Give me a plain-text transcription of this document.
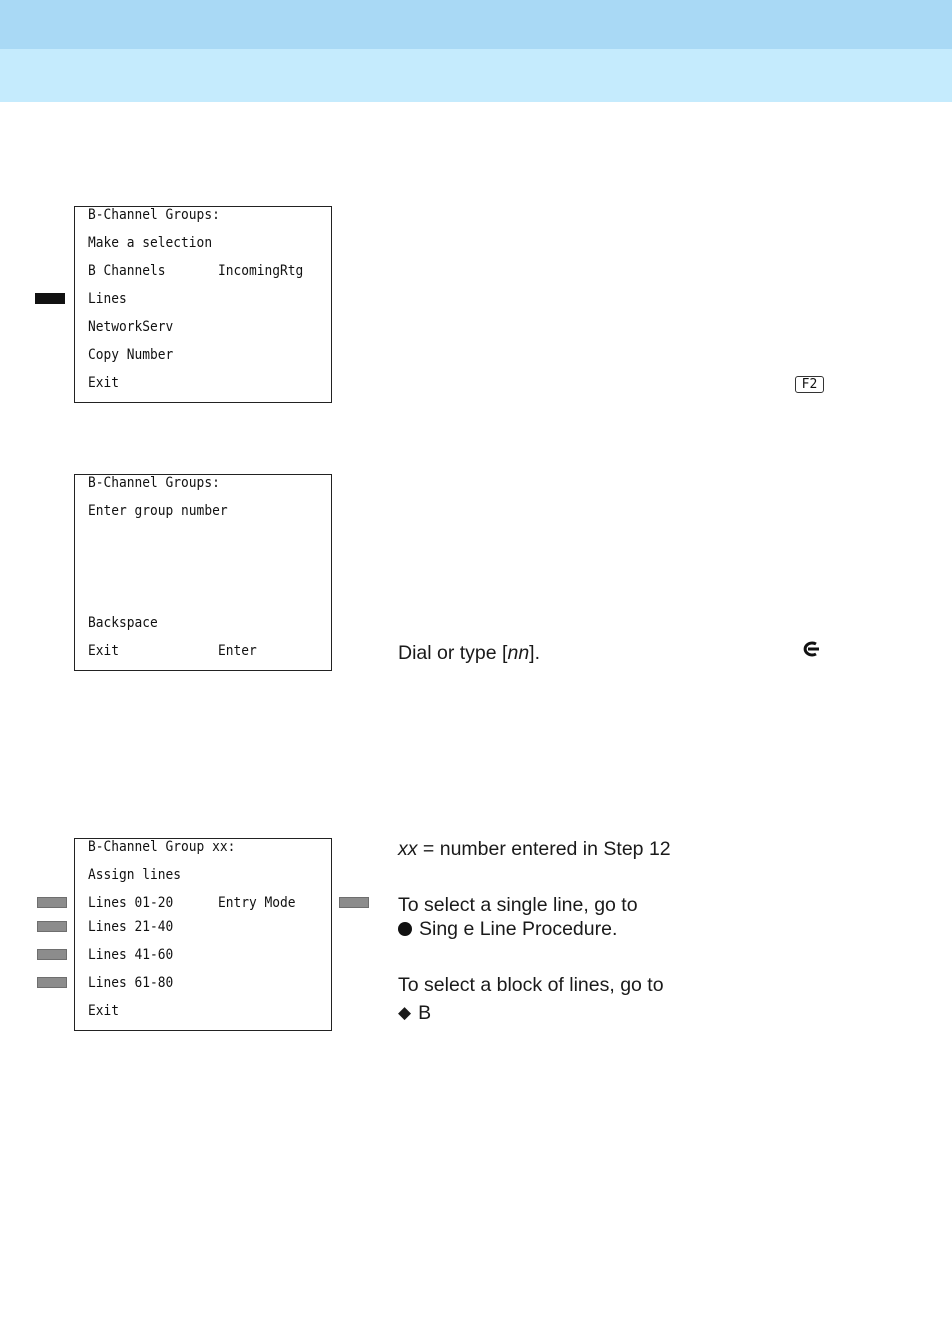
B-Channel Groups:
Make a selection
B Channels	IncomingRtg
Lines
NetworkServ
Copy Number
Exit	F2
B-Channel Groups:
Enter group number
Backspace
Exit	Enter	Dial or type [nn].
B-Channel Group xx:
Assign lines
Lines 01-20	Entry Mode
Lines 21-40
Lines 41-60
Lines 61-80
Exit
xx = number entered in Step 12
To select a single line, go to
Sing e Line Procedure.
To select a block of lines, go to
◆ B
